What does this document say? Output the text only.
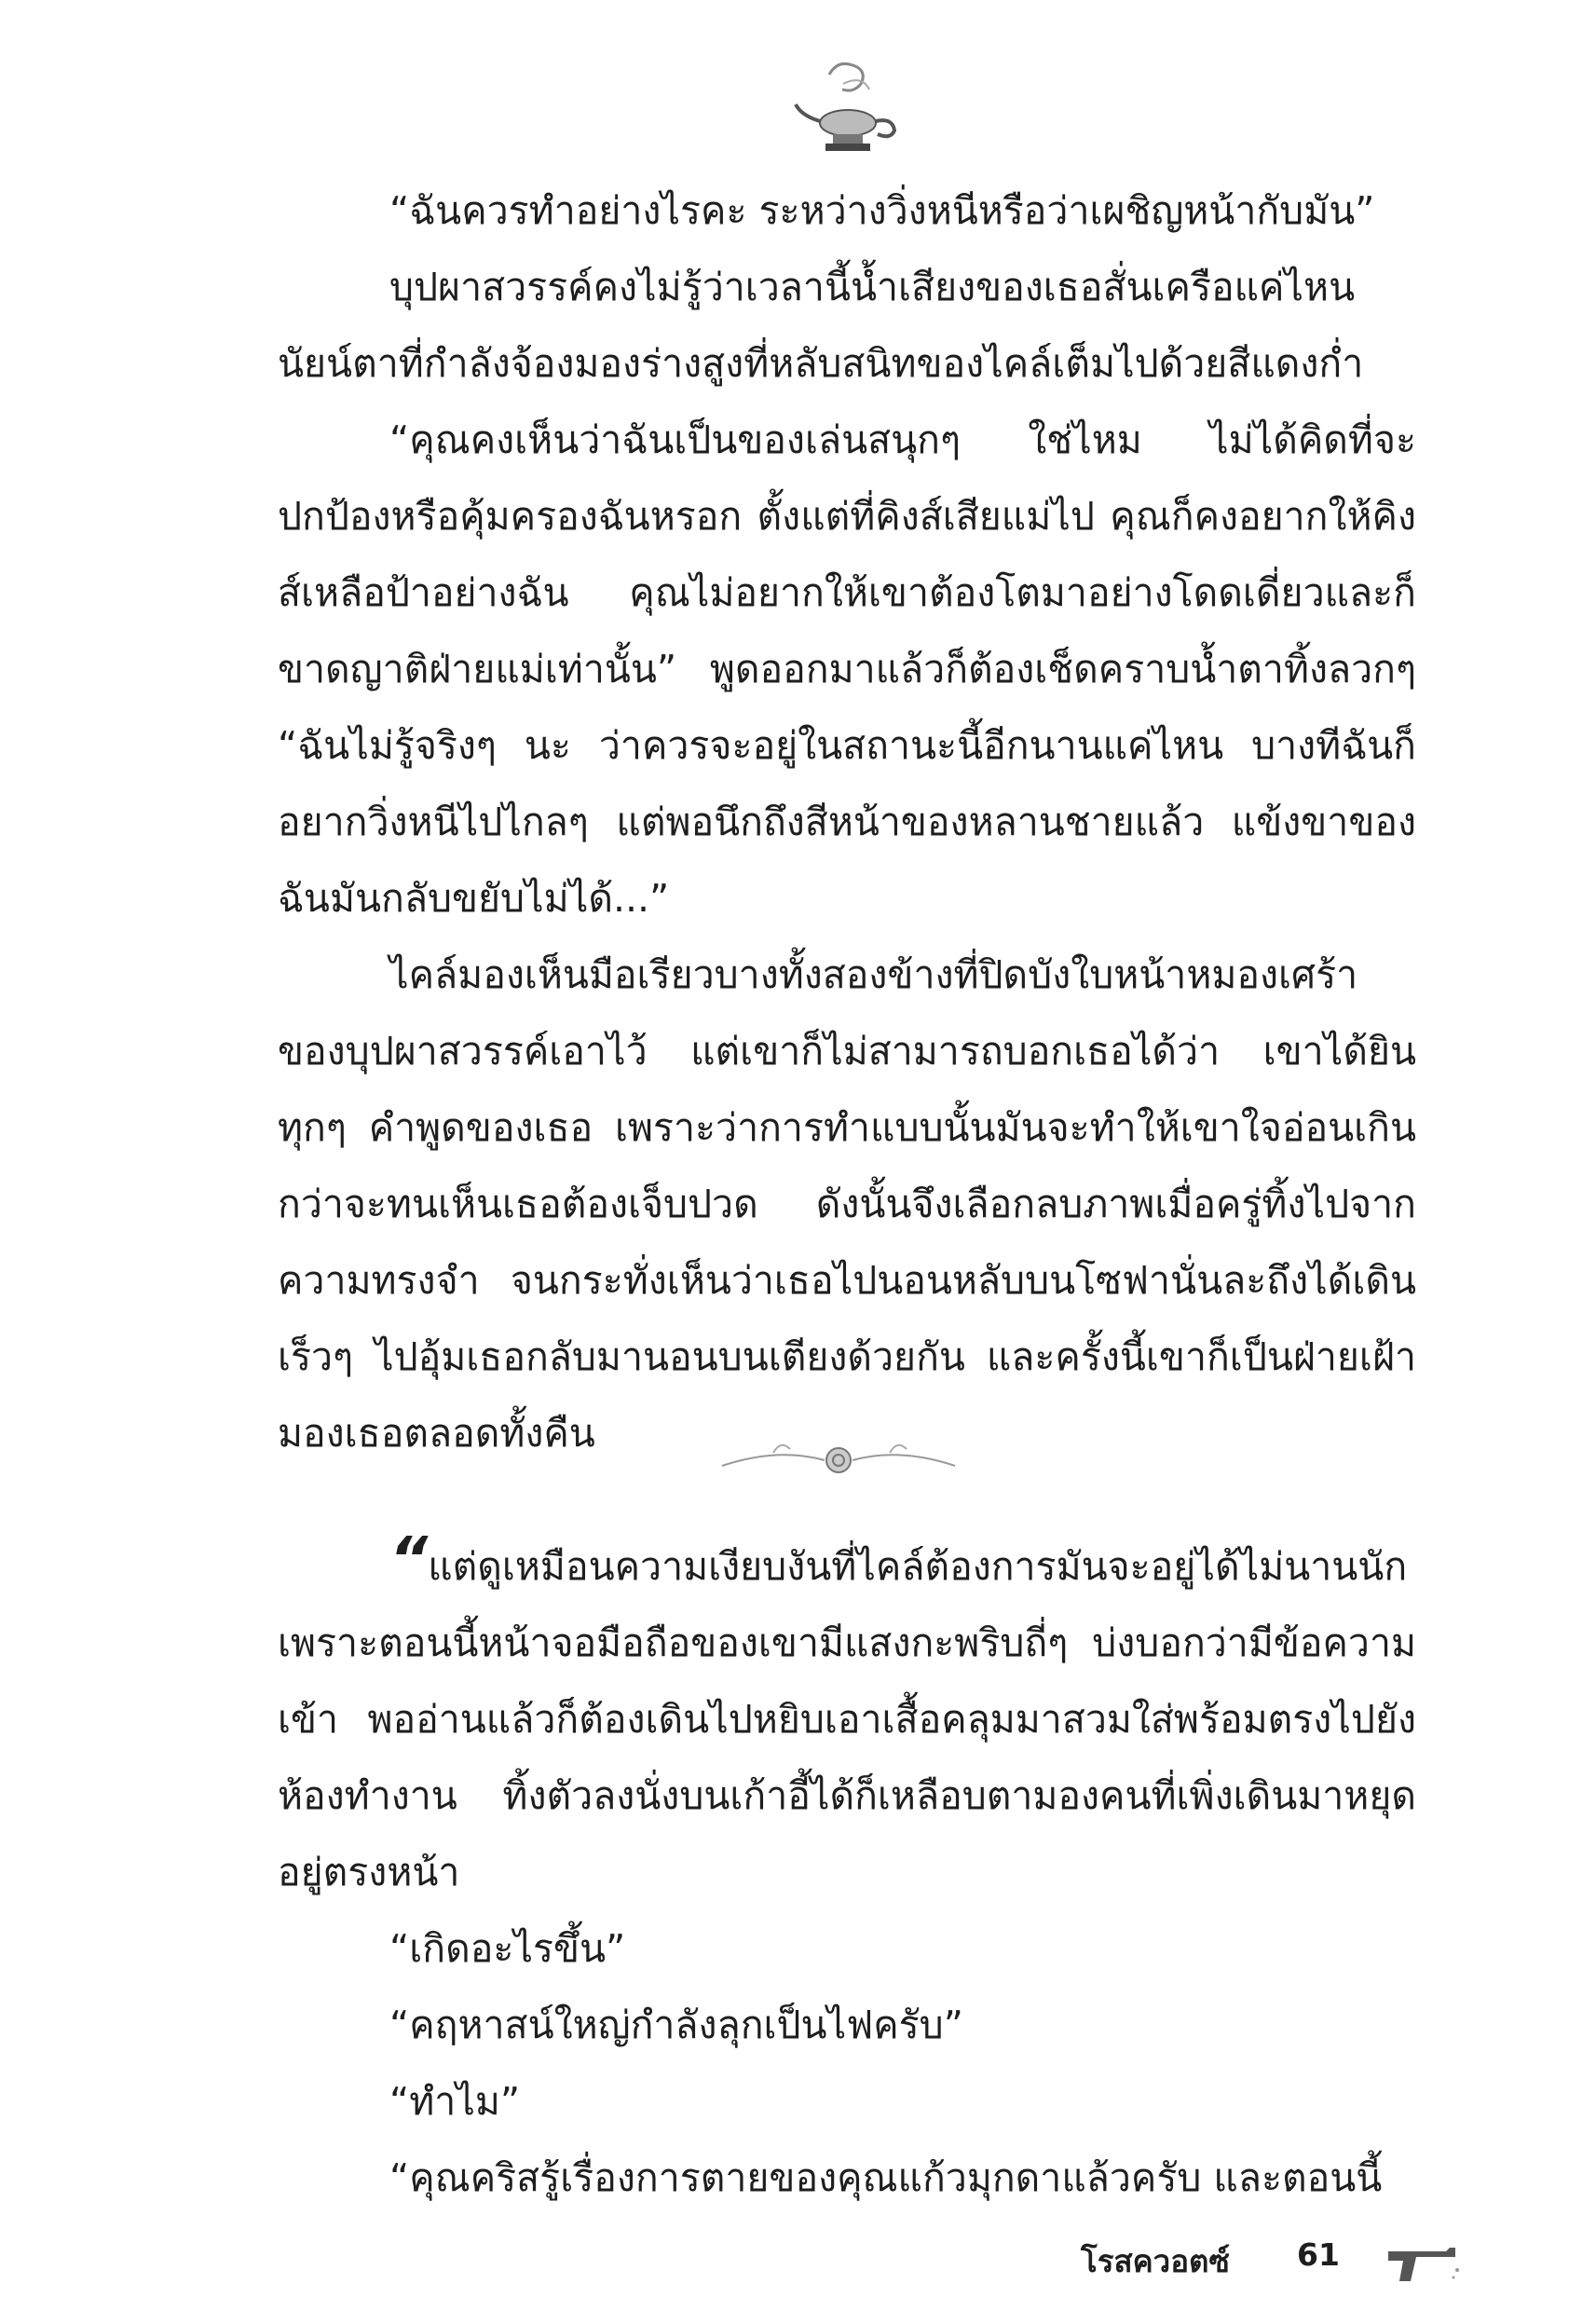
“ฉันควรทำอย่างไรคะ ระหว่างวิ่งหนีหรือว่าเผชิญหน้ากับมัน”

บุปผาสวรรค์คงไม่รู้ว่าเวลานี้น้ำเสียงของเธอสั่นเครือแค่ไหน นัยน์ตาที่กำลังจ้องมองร่างสูงที่หลับสนิทของไคล์เต็มไปด้วยสีแดงก่ำ

“คุณคงเห็นว่าฉันเป็นของเล่นสนุกๆ ใช่ไหม ไม่ได้คิดที่จะปกป้องหรือคุ้มครองฉันหรอก ตั้งแต่ที่คิงส์เสียแม่ไป คุณก็คงอยากให้คิงส์เหลือป้าอย่างฉัน คุณไม่อยากให้เขาต้องโตมาอย่างโดดเดี่ยวและก็ขาดญาติฝ่ายแม่เท่านั้น” พูดออกมาแล้วก็ต้องเช็ดคราบน้ำตาทิ้งลวกๆ “ฉันไม่รู้จริงๆ นะ ว่าควรจะอยู่ในสถานะนี้อีกนานแค่ไหน บางทีฉันก็อยากวิ่งหนีไปไกลๆ แต่พอนึกถึงสีหน้าของหลานชายแล้ว แข้งขาของฉันมันกลับขยับไม่ได้...”

ไคล์มองเห็นมือเรียวบางทั้งสองข้างที่ปิดบังใบหน้าหมองเศร้าของบุปผาสวรรค์เอาไว้ แต่เขาก็ไม่สามารถบอกเธอได้ว่า เขาได้ยินทุกๆ คำพูดของเธอ เพราะว่าการทำแบบนั้นมันจะทำให้เขาใจอ่อนเกินกว่าจะทนเห็นเธอต้องเจ็บปวด ดังนั้นจึงเลือกลบภาพเมื่อครู่ทิ้งไปจากความทรงจำ จนกระทั่งเห็นว่าเธอไปนอนหลับบนโซฟานั่นละถึงได้เดินเร็วๆ ไปอุ้มเธอกลับมานอนบนเตียงด้วยกัน และครั้งนี้เขาก็เป็นฝ่ายเฝ้ามองเธอตลอดทั้งคืน

“แต่ดูเหมือนความเงียบงันที่ไคล์ต้องการมันจะอยู่ได้ไม่นานนัก เพราะตอนนี้หน้าจอมือถือของเขามีแสงกะพริบถี่ๆ บ่งบอกว่ามีข้อความเข้า พออ่านแล้วก็ต้องเดินไปหยิบเอาเสื้อคลุมมาสวมใส่พร้อมตรงไปยังห้องทำงาน ทิ้งตัวลงนั่งบนเก้าอี้ได้ก็เหลือบตามองคนที่เพิ่งเดินมาหยุดอยู่ตรงหน้า

“เกิดอะไรขึ้น”

“คฤหาสน์ใหญ่กำลังลุกเป็นไฟครับ”

“ทำไม”

“คุณคริสรู้เรื่องการตายของคุณแก้วมุกดาแล้วครับ และตอนนี้

โรสควอตซ์ 61
